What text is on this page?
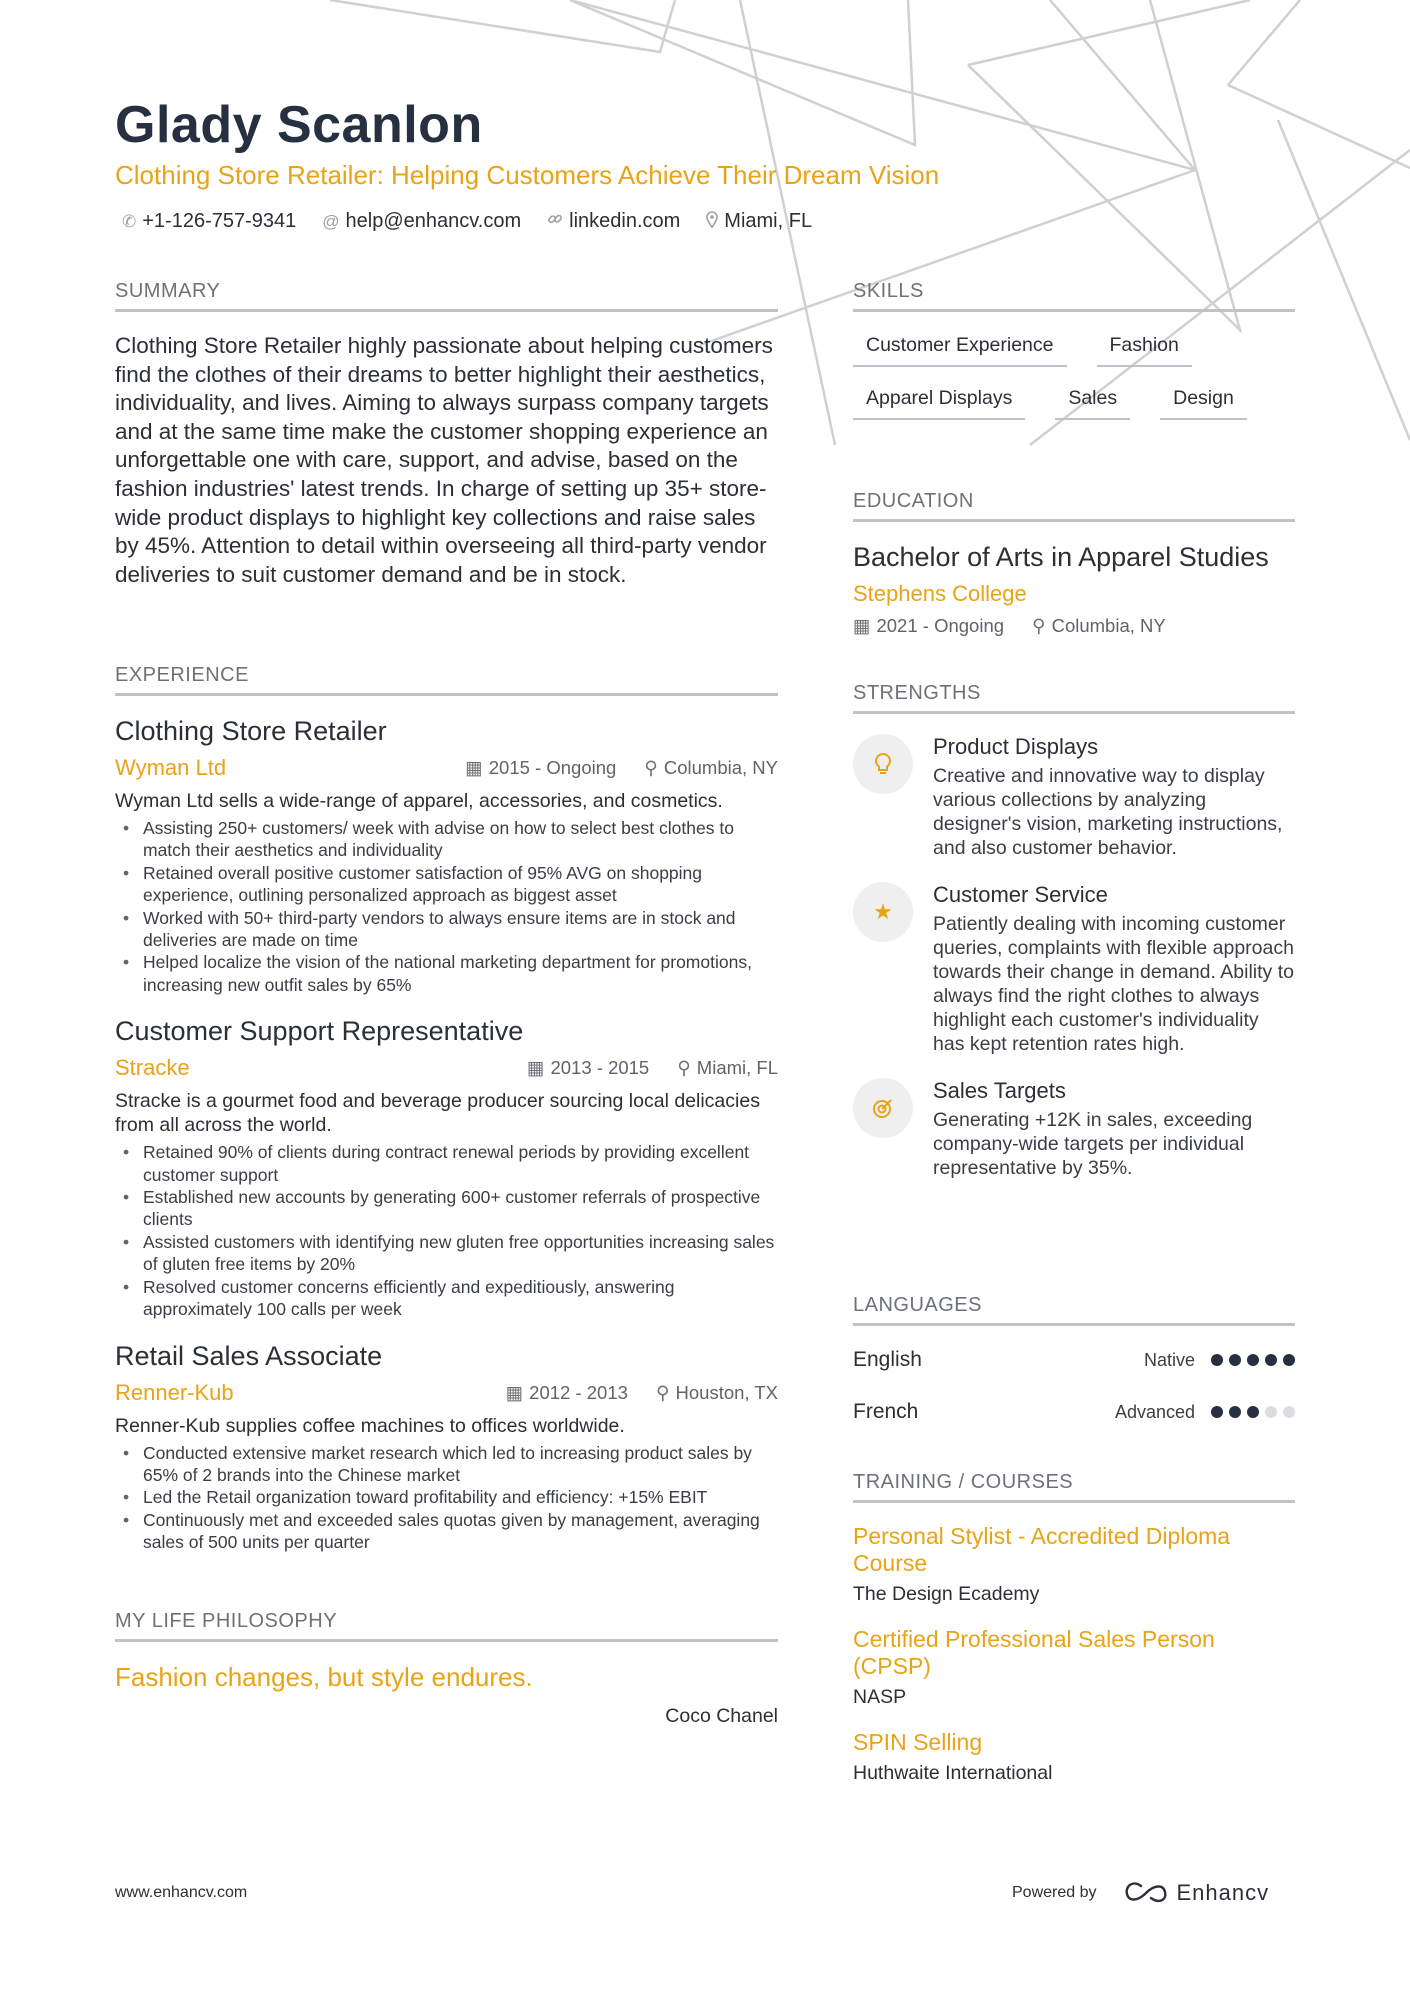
Glady Scanlon
Clothing Store Retailer: Helping Customers Achieve Their Dream Vision
✆ +1-126-757-9341 @ help@enhancv.com linkedin.com Miami, FL
SUMMARY
Clothing Store Retailer highly passionate about helping customers find the clothes of their dreams to better highlight their aesthetics, individuality, and lives. Aiming to always surpass company targets and at the same time make the customer shopping experience an unforgettable one with care, support, and advise, based on the fashion industries' latest trends. In charge of setting up 35+ store-wide product displays to highlight key collections and raise sales by 45%. Attention to detail within overseeing all third-party vendor deliveries to suit customer demand and be in stock.
EXPERIENCE
Clothing Store Retailer
Wyman Ltd	▦ 2015 - Ongoing ⚲ Columbia, NY
Wyman Ltd sells a wide-range of apparel, accessories, and cosmetics.
• Assisting 250+ customers/ week with advise on how to select best clothes to match their aesthetics and individuality
• Retained overall positive customer satisfaction of 95% AVG on shopping experience, outlining personalized approach as biggest asset
• Worked with 50+ third-party vendors to always ensure items are in stock and deliveries are made on time
• Helped localize the vision of the national marketing department for promotions, increasing new outfit sales by 65%
Customer Support Representative
Stracke	▦ 2013 - 2015 ⚲ Miami, FL
Stracke is a gourmet food and beverage producer sourcing local delicacies from all across the world.
• Retained 90% of clients during contract renewal periods by providing excellent customer support
• Established new accounts by generating 600+ customer referrals of prospective clients
• Assisted customers with identifying new gluten free opportunities increasing sales of gluten free items by 20%
• Resolved customer concerns efficiently and expeditiously, answering approximately 100 calls per week
Retail Sales Associate
Renner-Kub	▦ 2012 - 2013 ⚲ Houston, TX
Renner-Kub supplies coffee machines to offices worldwide.
• Conducted extensive market research which led to increasing product sales by 65% of 2 brands into the Chinese market
• Led the Retail organization toward profitability and efficiency: +15% EBIT
• Continuously met and exceeded sales quotas given by management, averaging sales of 500 units per quarter
MY LIFE PHILOSOPHY
Fashion changes, but style endures.
Coco Chanel
SKILLS
Customer Experience	Fashion
Apparel Displays	Sales	Design
EDUCATION
Bachelor of Arts in Apparel Studies
Stephens College
▦ 2021 - Ongoing ⚲ Columbia, NY
STRENGTHS
Product Displays
Creative and innovative way to display various collections by analyzing designer's vision, marketing instructions, and also customer behavior.
★
Customer Service
Patiently dealing with incoming customer queries, complaints with flexible approach towards their change in demand. Ability to always find the right clothes to always highlight each customer's individuality has kept retention rates high.
Sales Targets
Generating +12K in sales, exceeding company-wide targets per individual representative by 35%.
LANGUAGES
English	Native
French	Advanced
TRAINING / COURSES
Personal Stylist - Accredited Diploma Course
The Design Ecademy
Certified Professional Sales Person (CPSP)
NASP
SPIN Selling
Huthwaite International
www.enhancv.com	Powered by	Enhancv
